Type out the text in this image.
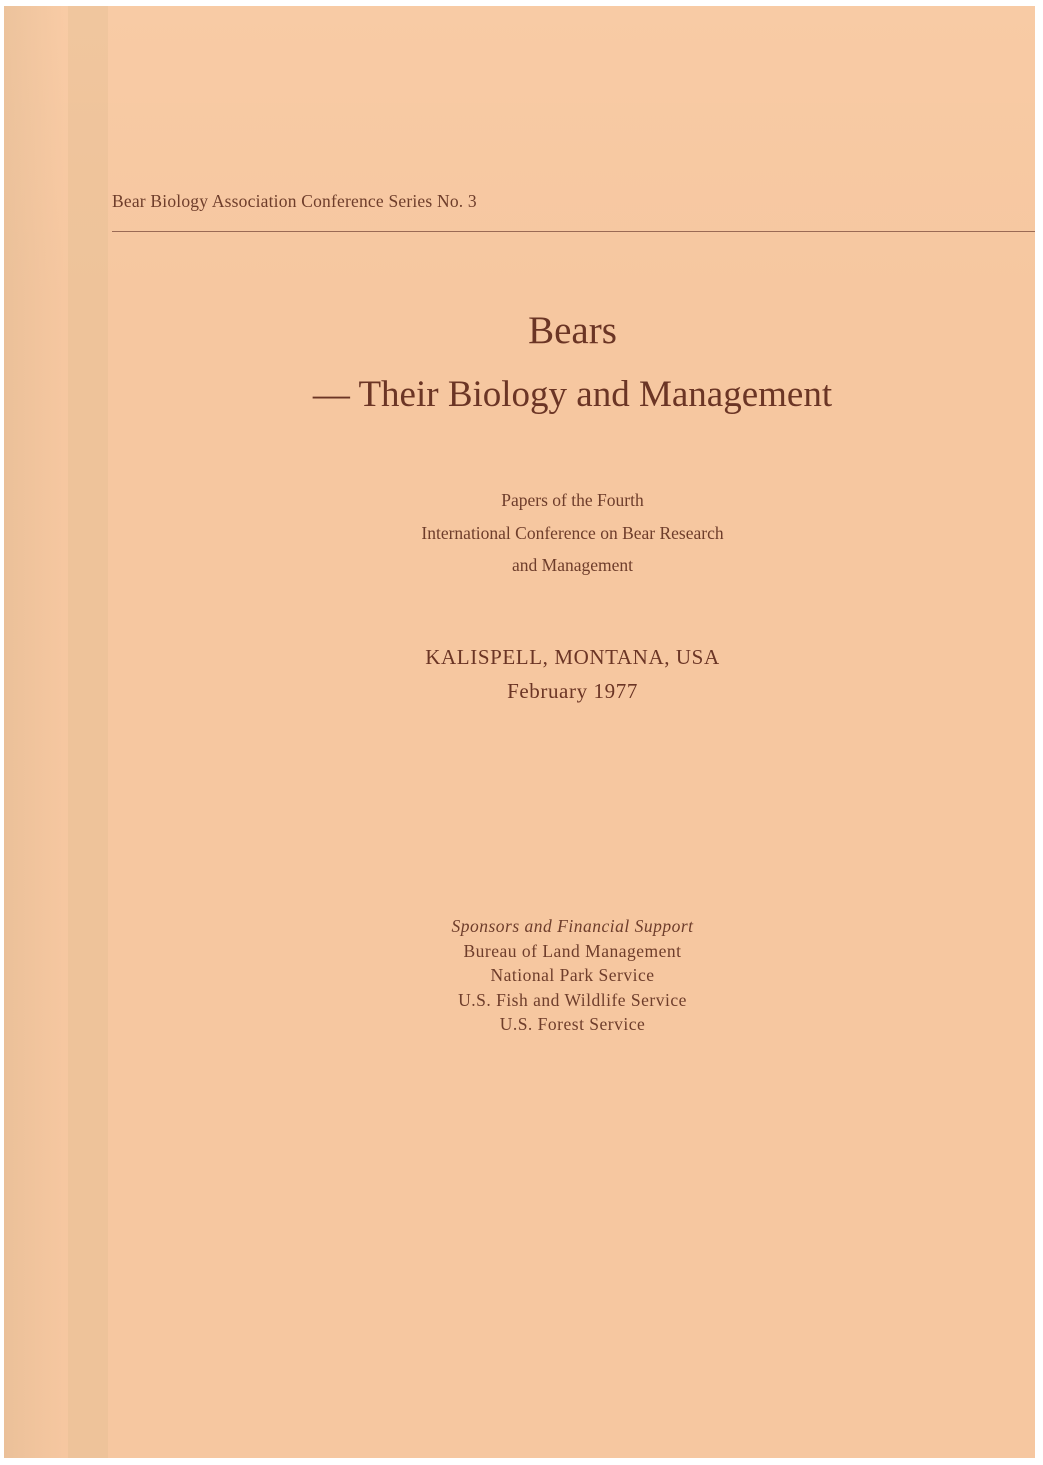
Bear Biology Association Conference Series No. 3
Bears
— Their Biology and Management
Papers of the Fourth
International Conference on Bear Research
and Management
KALISPELL, MONTANA, USA
February 1977
Sponsors and Financial Support
Bureau of Land Management
National Park Service
U.S. Fish and Wildlife Service
U.S. Forest Service
